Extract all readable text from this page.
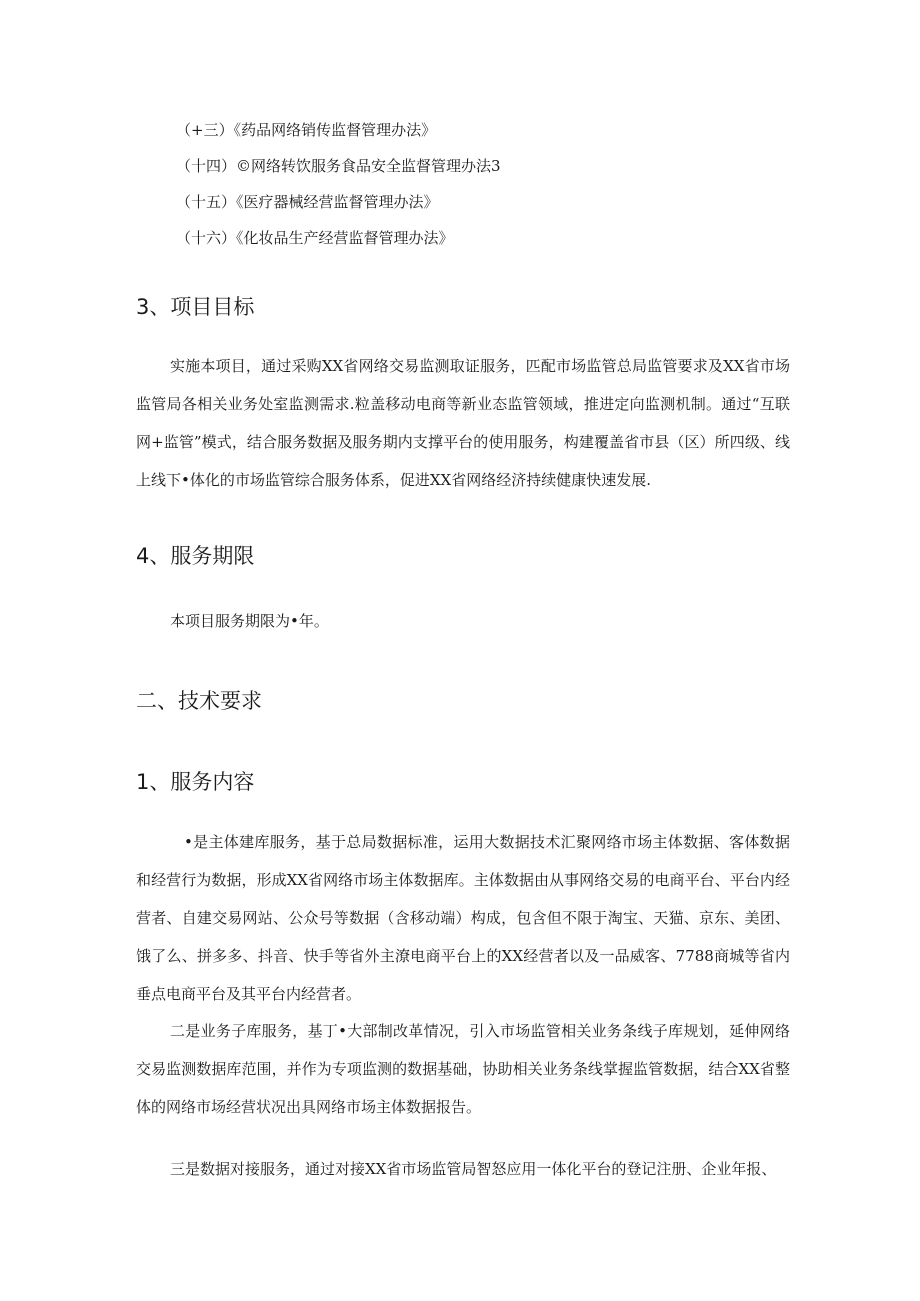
（+三）《药品网络销传监督管理办法》
（十四）©网络转饮服务食品安全监督管理办法3
（十五）《医疗器械经营监督管理办法》
（十六）《化妆品生产经营监督管理办法》
3、项目目标

实施本项目，通过采购XX省网络交易监测取证服务，匹配市场监管总局监管要求及XX省市场监管局各相关业务处室监测需求.粒盖移动电商等新业态监管领域，推进定向监测机制。通过“互联网+监管”模式，结合服务数据及服务期内支撑平台的使用服务，构建覆盖省市县（区）所四级、线上线下•体化的市场监管综合服务体系，促进XX省网络经济持续健康快速发展.

4、服务期限

本项目服务期限为•年。

二、技术要求
1、服务内容

•是主体建库服务，基于总局数据标准，运用大数据技术汇聚网络市场主体数据、客体数据和经营行为数据，形成XX省网络市场主体数据库。主体数据由从事网络交易的电商平台、平台内经营者、自建交易网站、公众号等数据（含移动端）构成，包含但不限于淘宝、天猫、京东、美团、饿了么、拼多多、抖音、快手等省外主潦电商平台上的XX经营者以及一品威客、7788商城等省内垂点电商平台及其平台内经营者。

二是业务子库服务，基丁•大部制改革情况，引入市场监管相关业务条线子库规划，延伸网络交易监测数据库范围，并作为专项监测的数据基础，协助相关业务条线掌握监管数据，结合XX省整体的网络市场经营状况出具网络市场主体数据报告。

三是数据对接服务，通过对接XX省市场监管局智怒应用一体化平台的登记注册、企业年报、
